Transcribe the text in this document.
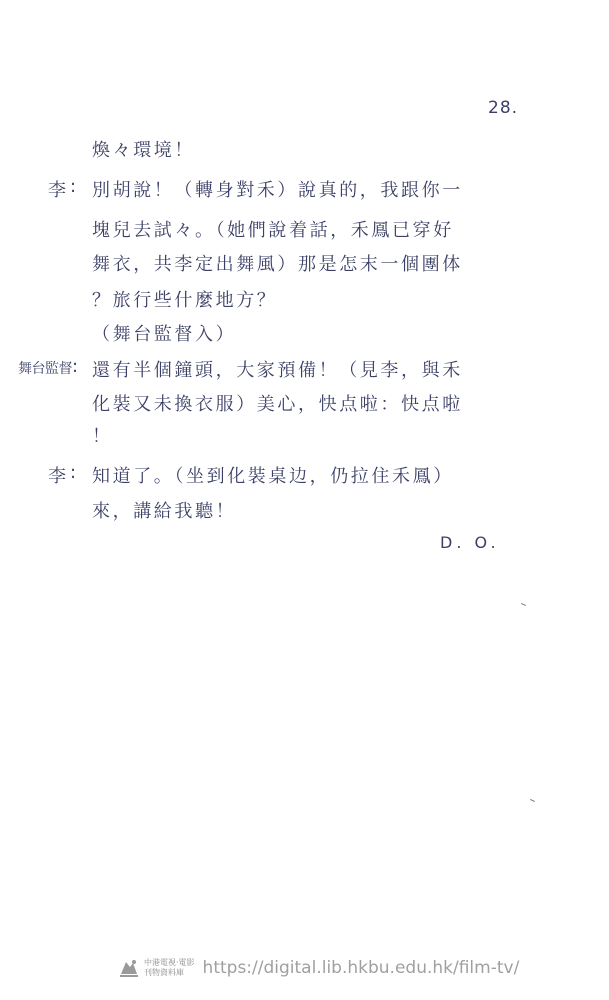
28.
煥々環境！
李 : 別胡說！（轉身對禾）說真的，我跟你一
塊兒去試々。（她們說着話，禾鳳已穿好
舞衣，共李定出舞風）那是怎末一個團体
？旅行些什麼地方？
（舞台監督入）
舞台監督 : 還有半個鐘頭，大家預備！（見李，與禾
化裝又未換衣服）美心，快点啦：快点啦
！
李 : 知道了。（坐到化裝桌边，仍拉住禾鳳）
來，講給我聽！
D. O.
中港電視‧電影
刊物資料庫	https://digital.lib.hkbu.edu.hk/film-tv/
